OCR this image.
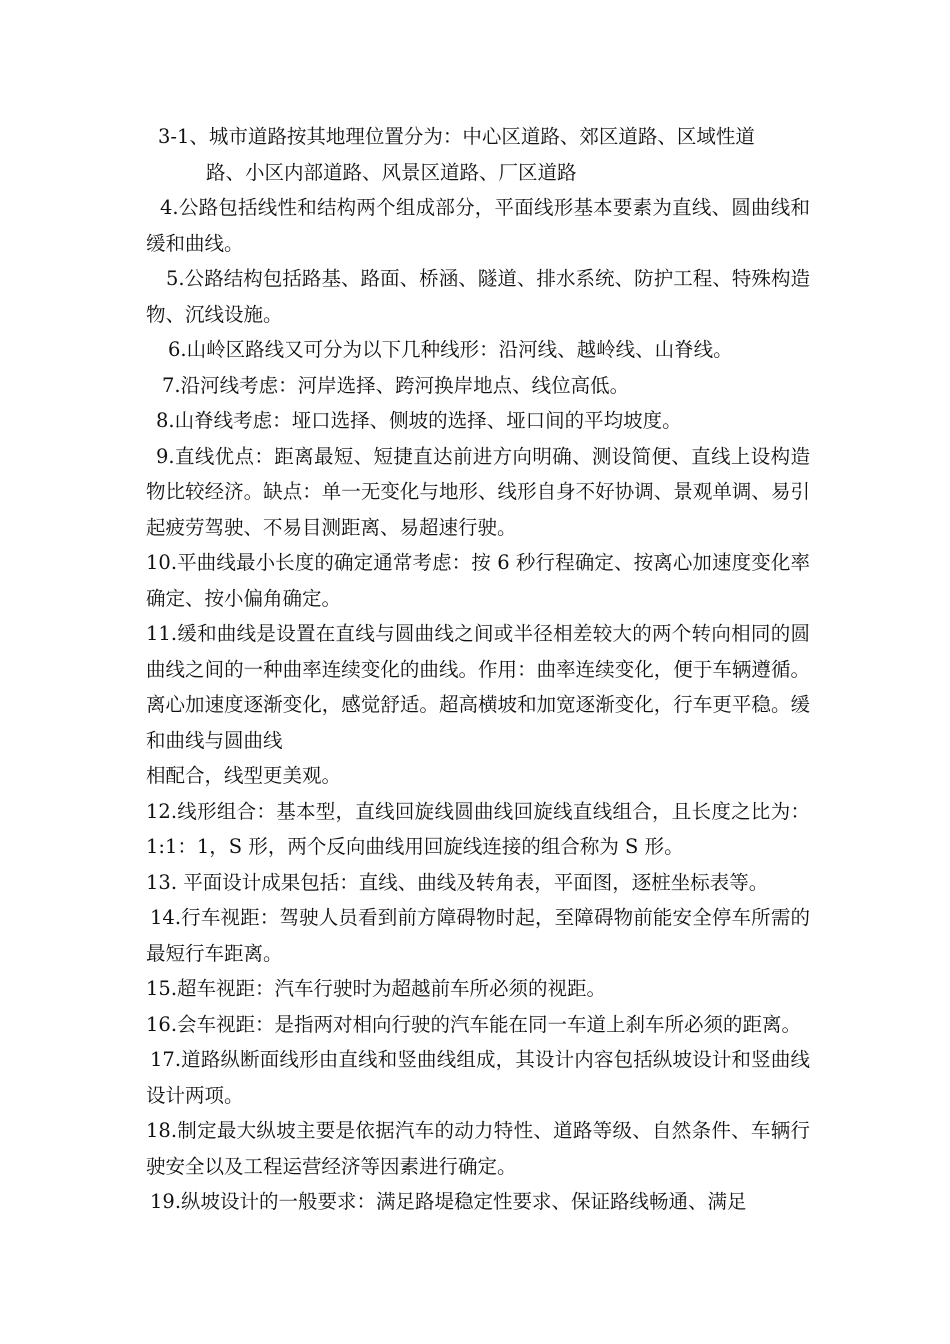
3-1、城市道路按其地理位置分为：中心区道路、郊区道路、区域性道

路、小区内部道路、风景区道路、厂区道路

4.公路包括线性和结构两个组成部分，平面线形基本要素为直线、圆曲线和缓和曲线。

5.公路结构包括路基、路面、桥涵、隧道、排水系统、防护工程、特殊构造物、沉线设施。

6.山岭区路线又可分为以下几种线形：沿河线、越岭线、山脊线。

7.沿河线考虑：河岸选择、跨河换岸地点、线位高低。

8.山脊线考虑：垭口选择、侧坡的选择、垭口间的平均坡度。

9.直线优点：距离最短、短捷直达前进方向明确、测设简便、直线上设构造物比较经济。缺点：单一无变化与地形、线形自身不好协调、景观单调、易引起疲劳驾驶、不易目测距离、易超速行驶。

10.平曲线最小长度的确定通常考虑：按 6 秒行程确定、按离心加速度变化率确定、按小偏角确定。

11.缓和曲线是设置在直线与圆曲线之间或半径相差较大的两个转向相同的圆曲线之间的一种曲率连续变化的曲线。作用：曲率连续变化，便于车辆遵循。离心加速度逐渐变化，感觉舒适。超高横坡和加宽逐渐变化，行车更平稳。缓和曲线与圆曲线

相配合，线型更美观。

12.线形组合：基本型，直线回旋线圆曲线回旋线直线组合，且长度之比为：1:1：1，S 形，两个反向曲线用回旋线连接的组合称为 S 形。

13. 平面设计成果包括：直线、曲线及转角表，平面图，逐桩坐标表等。

14.行车视距：驾驶人员看到前方障碍物时起，至障碍物前能安全停车所需的最短行车距离。

15.超车视距：汽车行驶时为超越前车所必须的视距。

16.会车视距：是指两对相向行驶的汽车能在同一车道上刹车所必须的距离。

17.道路纵断面线形由直线和竖曲线组成，其设计内容包括纵坡设计和竖曲线设计两项。

18.制定最大纵坡主要是依据汽车的动力特性、道路等级、自然条件、车辆行驶安全以及工程运营经济等因素进行确定。

19.纵坡设计的一般要求：满足路堤稳定性要求、保证路线畅通、满足
